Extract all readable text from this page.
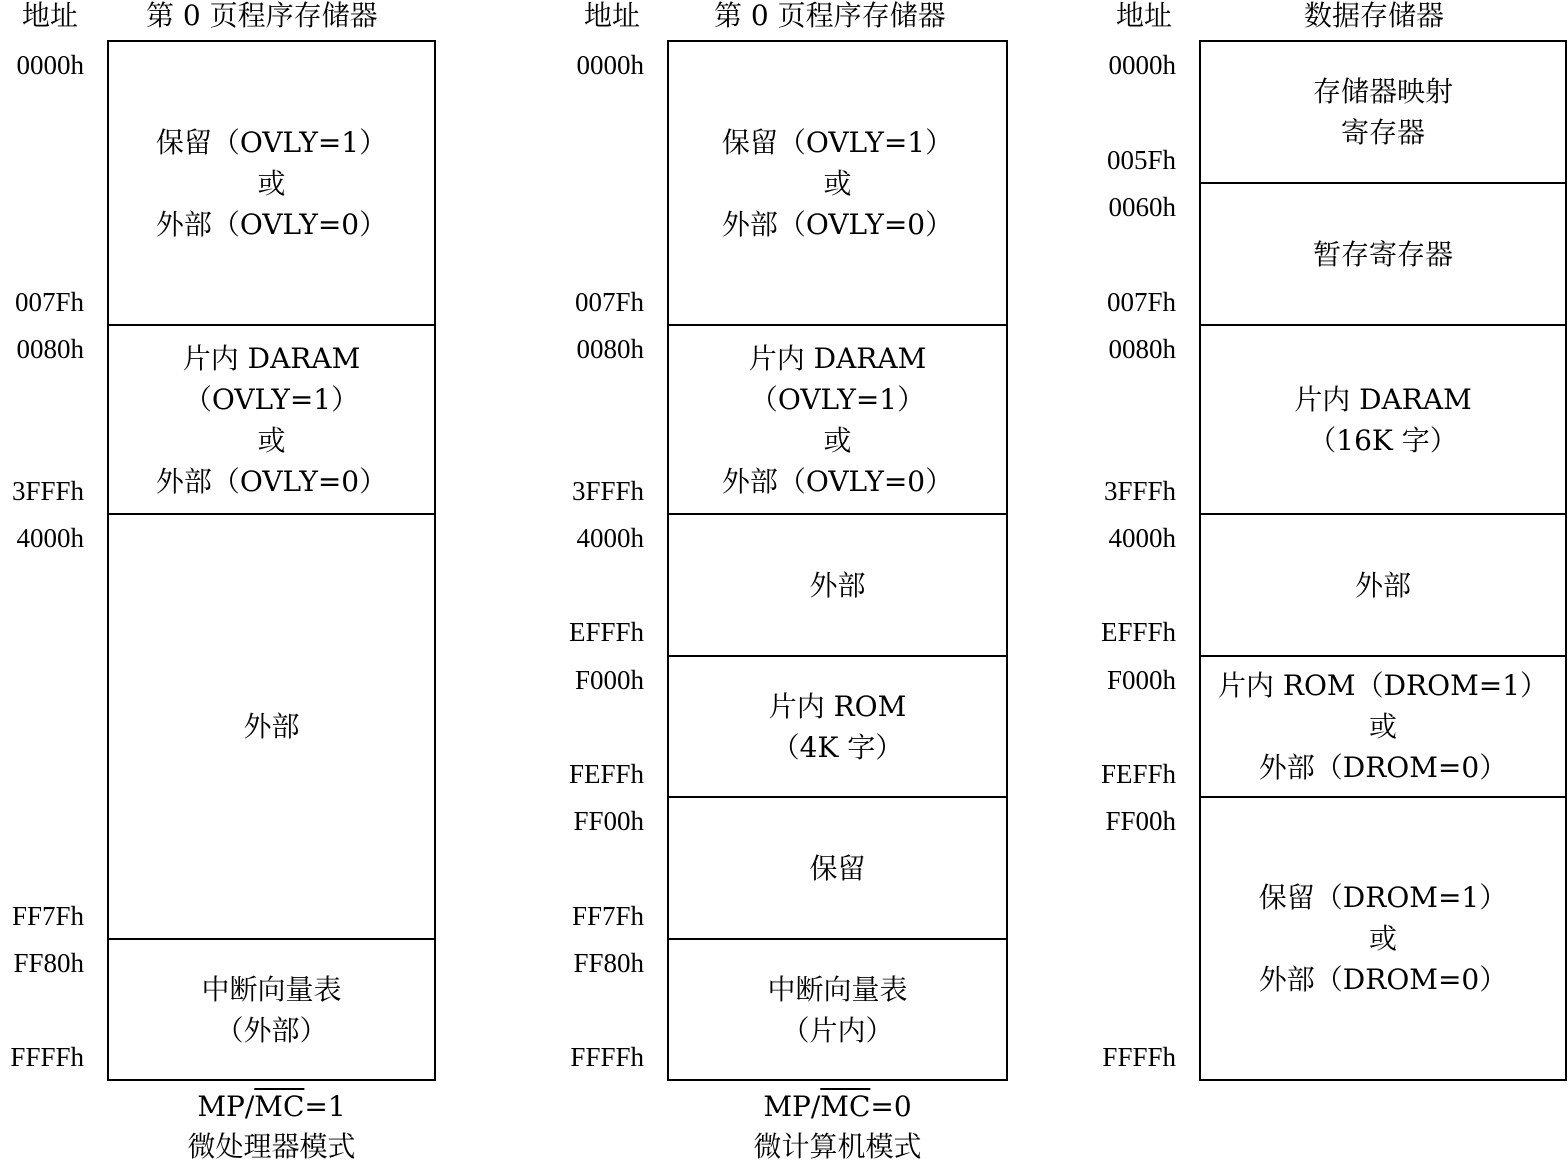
地址 第 0 页程序存储器
0000h
007Fh
0080h
3FFFh
4000h
FF7Fh
FF80h
FFFFh
保留（OVLY=1）
或
外部（OVLY=0）
片内 DARAM
（OVLY=1）
或
外部（OVLY=0）
外部
中断向量表
（外部）
$MP/\overline{MC}=1$
微处理器模式
地址	第 0 页程序存储器
0000h
007Fh
0080h
3FFFh
4000h
EFFFh
F000h
FEFFh
FF00h
FF7Fh
FF80h
FFFFh
保留（OVLY=1）
或
外部（OVLY=0）
片内 DARAM
（OVLY=1）
或
外部（OVLY=0）
外部
片内 ROM
（4K 字）
保留
中断向量表
（片内）
$MP/\overline{MC}=0$
微计算机模式
地址	数据存储器
0000h
005Fh
0060h
007Fh
0080h
3FFFh
4000h
EFFFh
F000h
FEFFh
FF00h
FFFFh
存储器映射
寄存器
暂存寄存器
片内 DARAM
（16K 字）
外部
片内 ROM（DROM=1）
或
外部（DROM=0）
保留（DROM=1）
或
外部（DROM=0）
